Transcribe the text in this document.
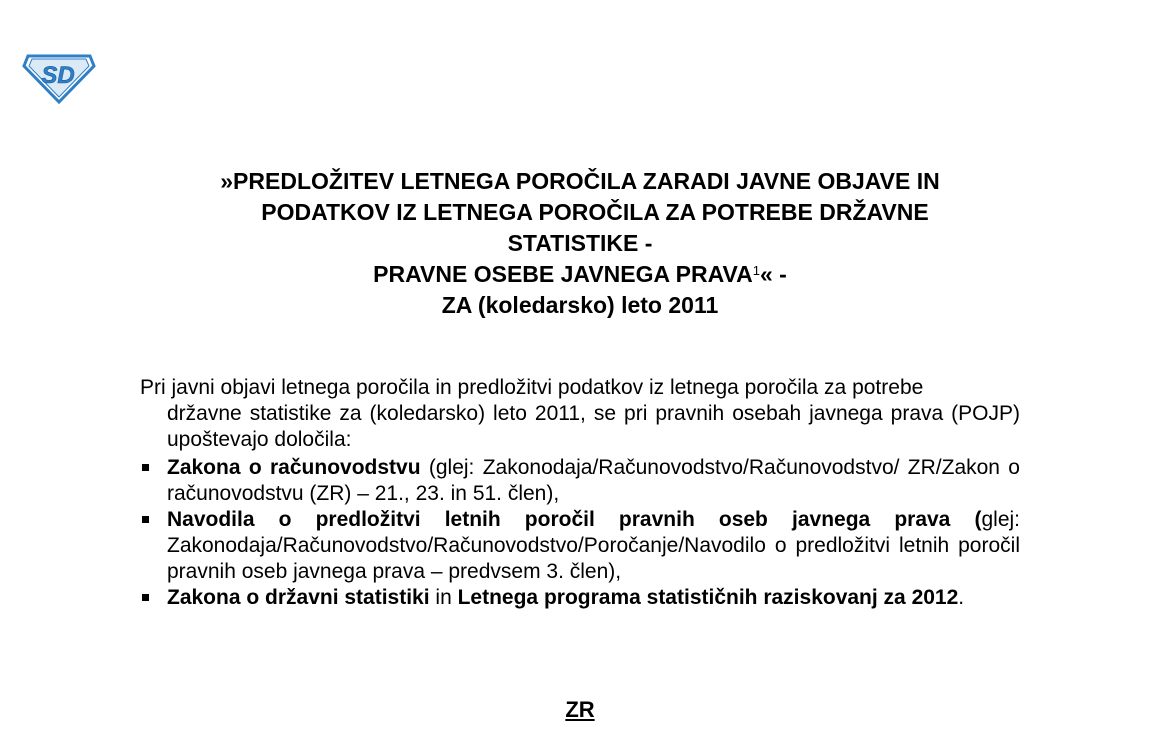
SD
»PREDLOŽITEV LETNEGA POROČILA ZARADI JAVNE OBJAVE IN
PODATKOV IZ LETNEGA POROČILA ZA POTREBE DRŽAVNE
STATISTIKE -
PRAVNE OSEBE JAVNEGA PRAVA$^1$« -
ZA (koledarsko) leto 2011
Pri javni objavi letnega poročila in predložitvi podatkov iz letnega poročila za potrebe
državne statistike za (koledarsko) leto 2011, se pri pravnih osebah javnega prava (POJP) upoštevajo določila:
Zakona o računovodstvu (glej: Zakonodaja/Računovodstvo/Računovodstvo/ ZR/Zakon o računovodstvu (ZR) – 21., 23. in 51. člen),
Navodila o predložitvi letnih poročil pravnih oseb javnega prava (glej: Zakonodaja/Računovodstvo/Računovodstvo/Poročanje/Navodilo o predložitvi letnih poročil pravnih oseb javnega prava – predvsem 3. člen),
Zakona o državni statistiki in Letnega programa statističnih raziskovanj za 2012.
ZR
